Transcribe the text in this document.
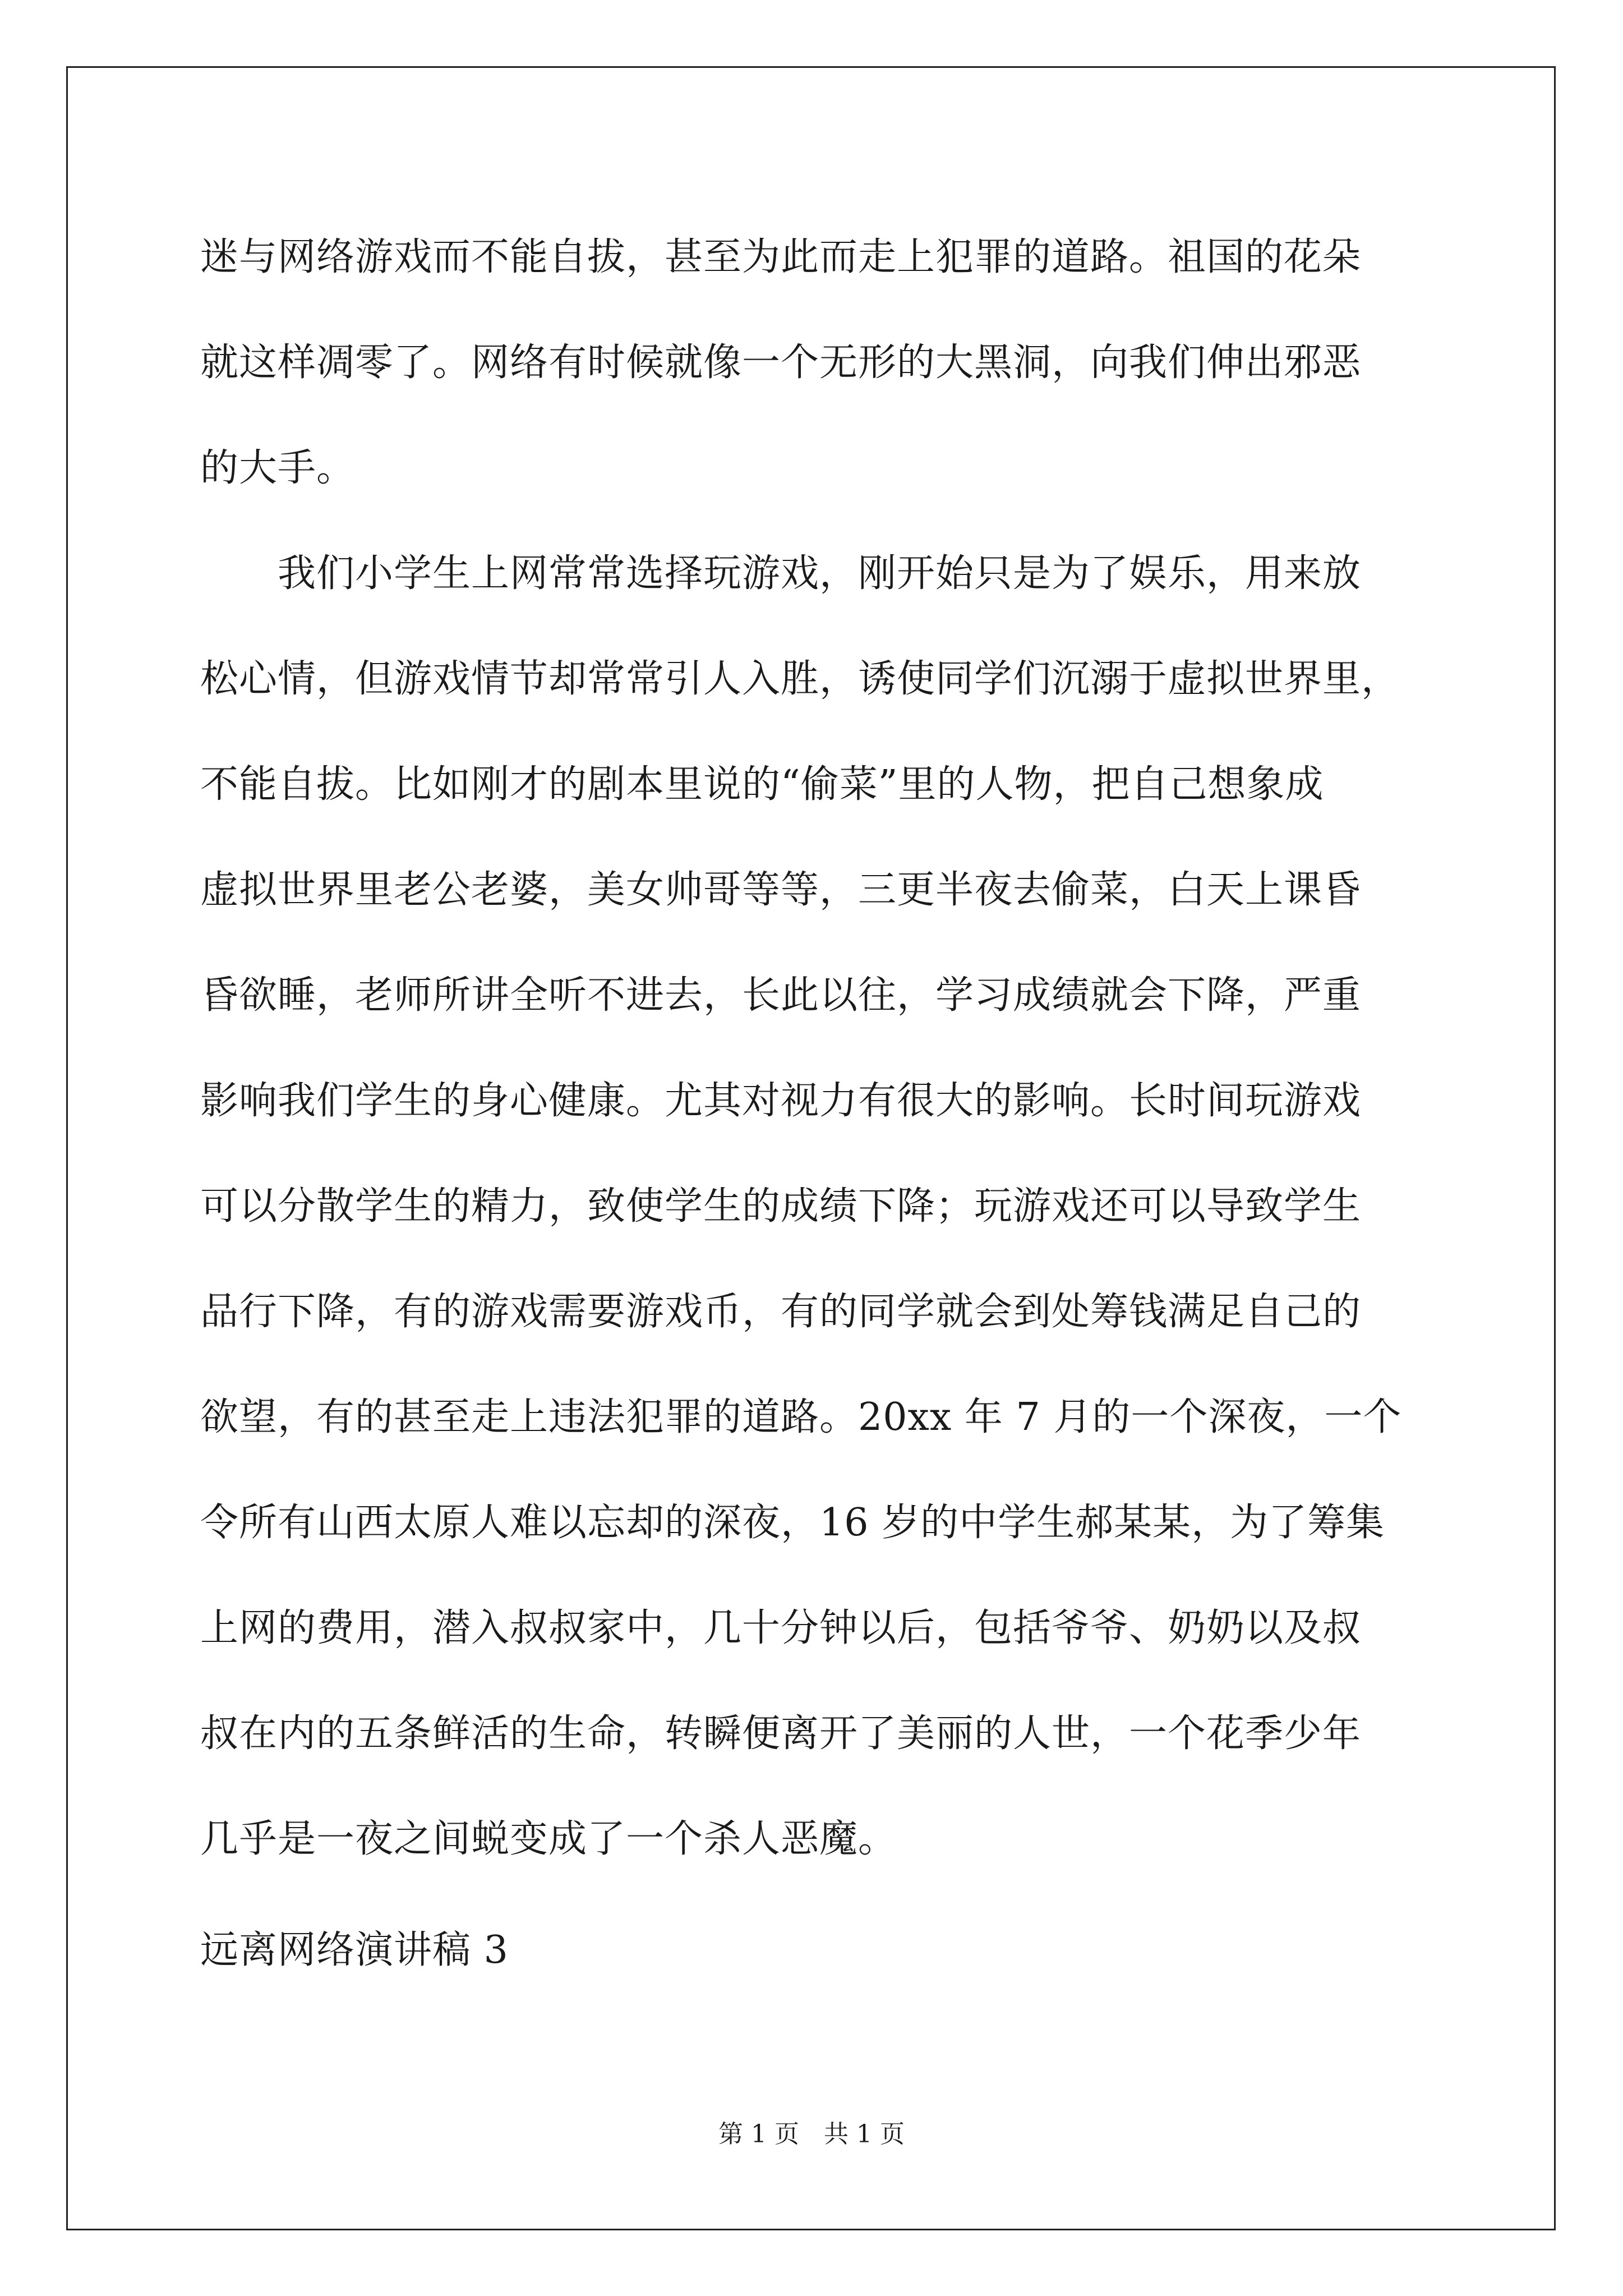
迷与网络游戏而不能自拔，甚至为此而走上犯罪的道路。祖国的花朵
就这样凋零了。网络有时候就像一个无形的大黑洞，向我们伸出邪恶
的大手。
　　我们小学生上网常常选择玩游戏，刚开始只是为了娱乐，用来放
松心情，但游戏情节却常常引人入胜，诱使同学们沉溺于虚拟世界里，
不能自拔。比如刚才的剧本里说的“偷菜”里的人物，把自己想象成
虚拟世界里老公老婆，美女帅哥等等，三更半夜去偷菜，白天上课昏
昏欲睡，老师所讲全听不进去，长此以往，学习成绩就会下降，严重
影响我们学生的身心健康。尤其对视力有很大的影响。长时间玩游戏
可以分散学生的精力，致使学生的成绩下降；玩游戏还可以导致学生
品行下降，有的游戏需要游戏币，有的同学就会到处筹钱满足自己的
欲望，有的甚至走上违法犯罪的道路。20xx 年 7 月的一个深夜，一个
令所有山西太原人难以忘却的深夜，16 岁的中学生郝某某，为了筹集
上网的费用，潜入叔叔家中，几十分钟以后，包括爷爷、奶奶以及叔
叔在内的五条鲜活的生命，转瞬便离开了美丽的人世，一个花季少年
几乎是一夜之间蜕变成了一个杀人恶魔。
远离网络演讲稿 3
第 1 页　共 1 页
